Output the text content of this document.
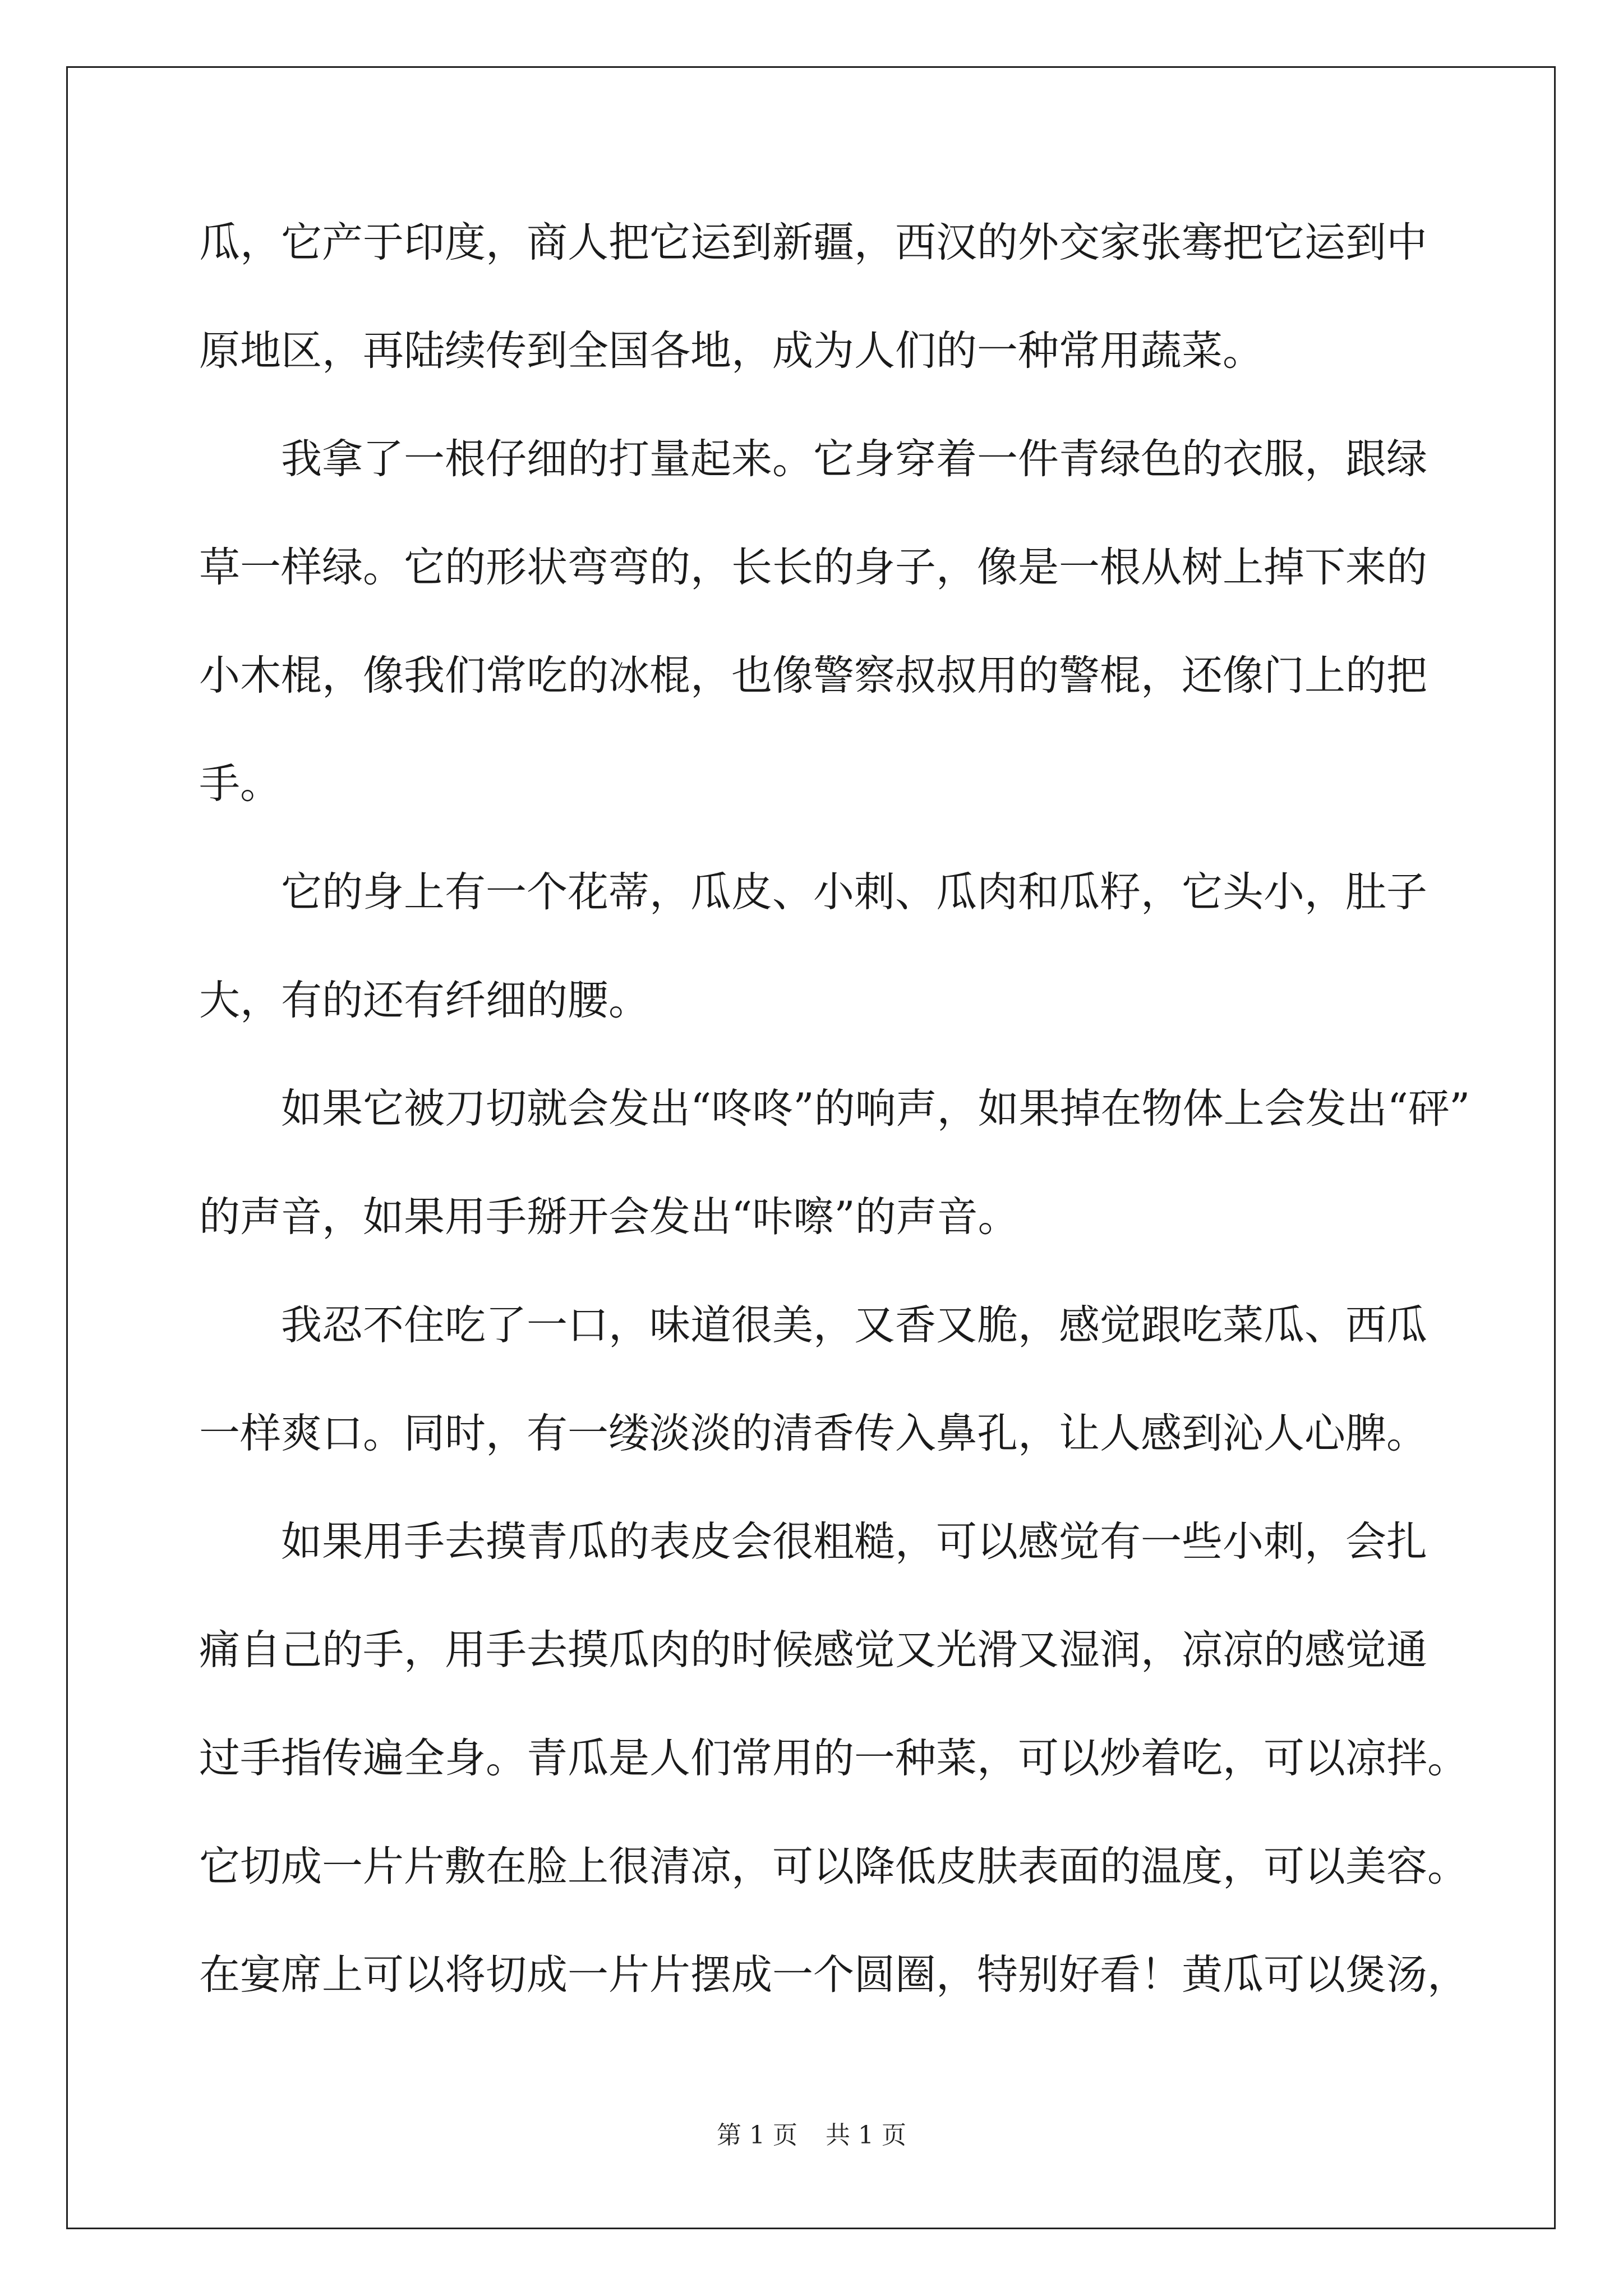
瓜，它产于印度，商人把它运到新疆，西汉的外交家张骞把它运到中
原地区，再陆续传到全国各地，成为人们的一种常用蔬菜。
　　我拿了一根仔细的打量起来。它身穿着一件青绿色的衣服，跟绿
草一样绿。它的形状弯弯的，长长的身子，像是一根从树上掉下来的
小木棍，像我们常吃的冰棍，也像警察叔叔用的警棍，还像门上的把
手。
　　它的身上有一个花蒂，瓜皮、小刺、瓜肉和瓜籽，它头小，肚子
大，有的还有纤细的腰。
　　如果它被刀切就会发出“咚咚”的响声，如果掉在物体上会发出“砰”
的声音，如果用手掰开会发出“咔嚓”的声音。
　　我忍不住吃了一口，味道很美，又香又脆，感觉跟吃菜瓜、西瓜
一样爽口。同时，有一缕淡淡的清香传入鼻孔，让人感到沁人心脾。
　　如果用手去摸青瓜的表皮会很粗糙，可以感觉有一些小刺，会扎
痛自己的手，用手去摸瓜肉的时候感觉又光滑又湿润，凉凉的感觉通
过手指传遍全身。青瓜是人们常用的一种菜，可以炒着吃，可以凉拌。
它切成一片片敷在脸上很清凉，可以降低皮肤表面的温度，可以美容。
在宴席上可以将切成一片片摆成一个圆圈，特别好看！黄瓜可以煲汤，
第 1 页 共 1 页
